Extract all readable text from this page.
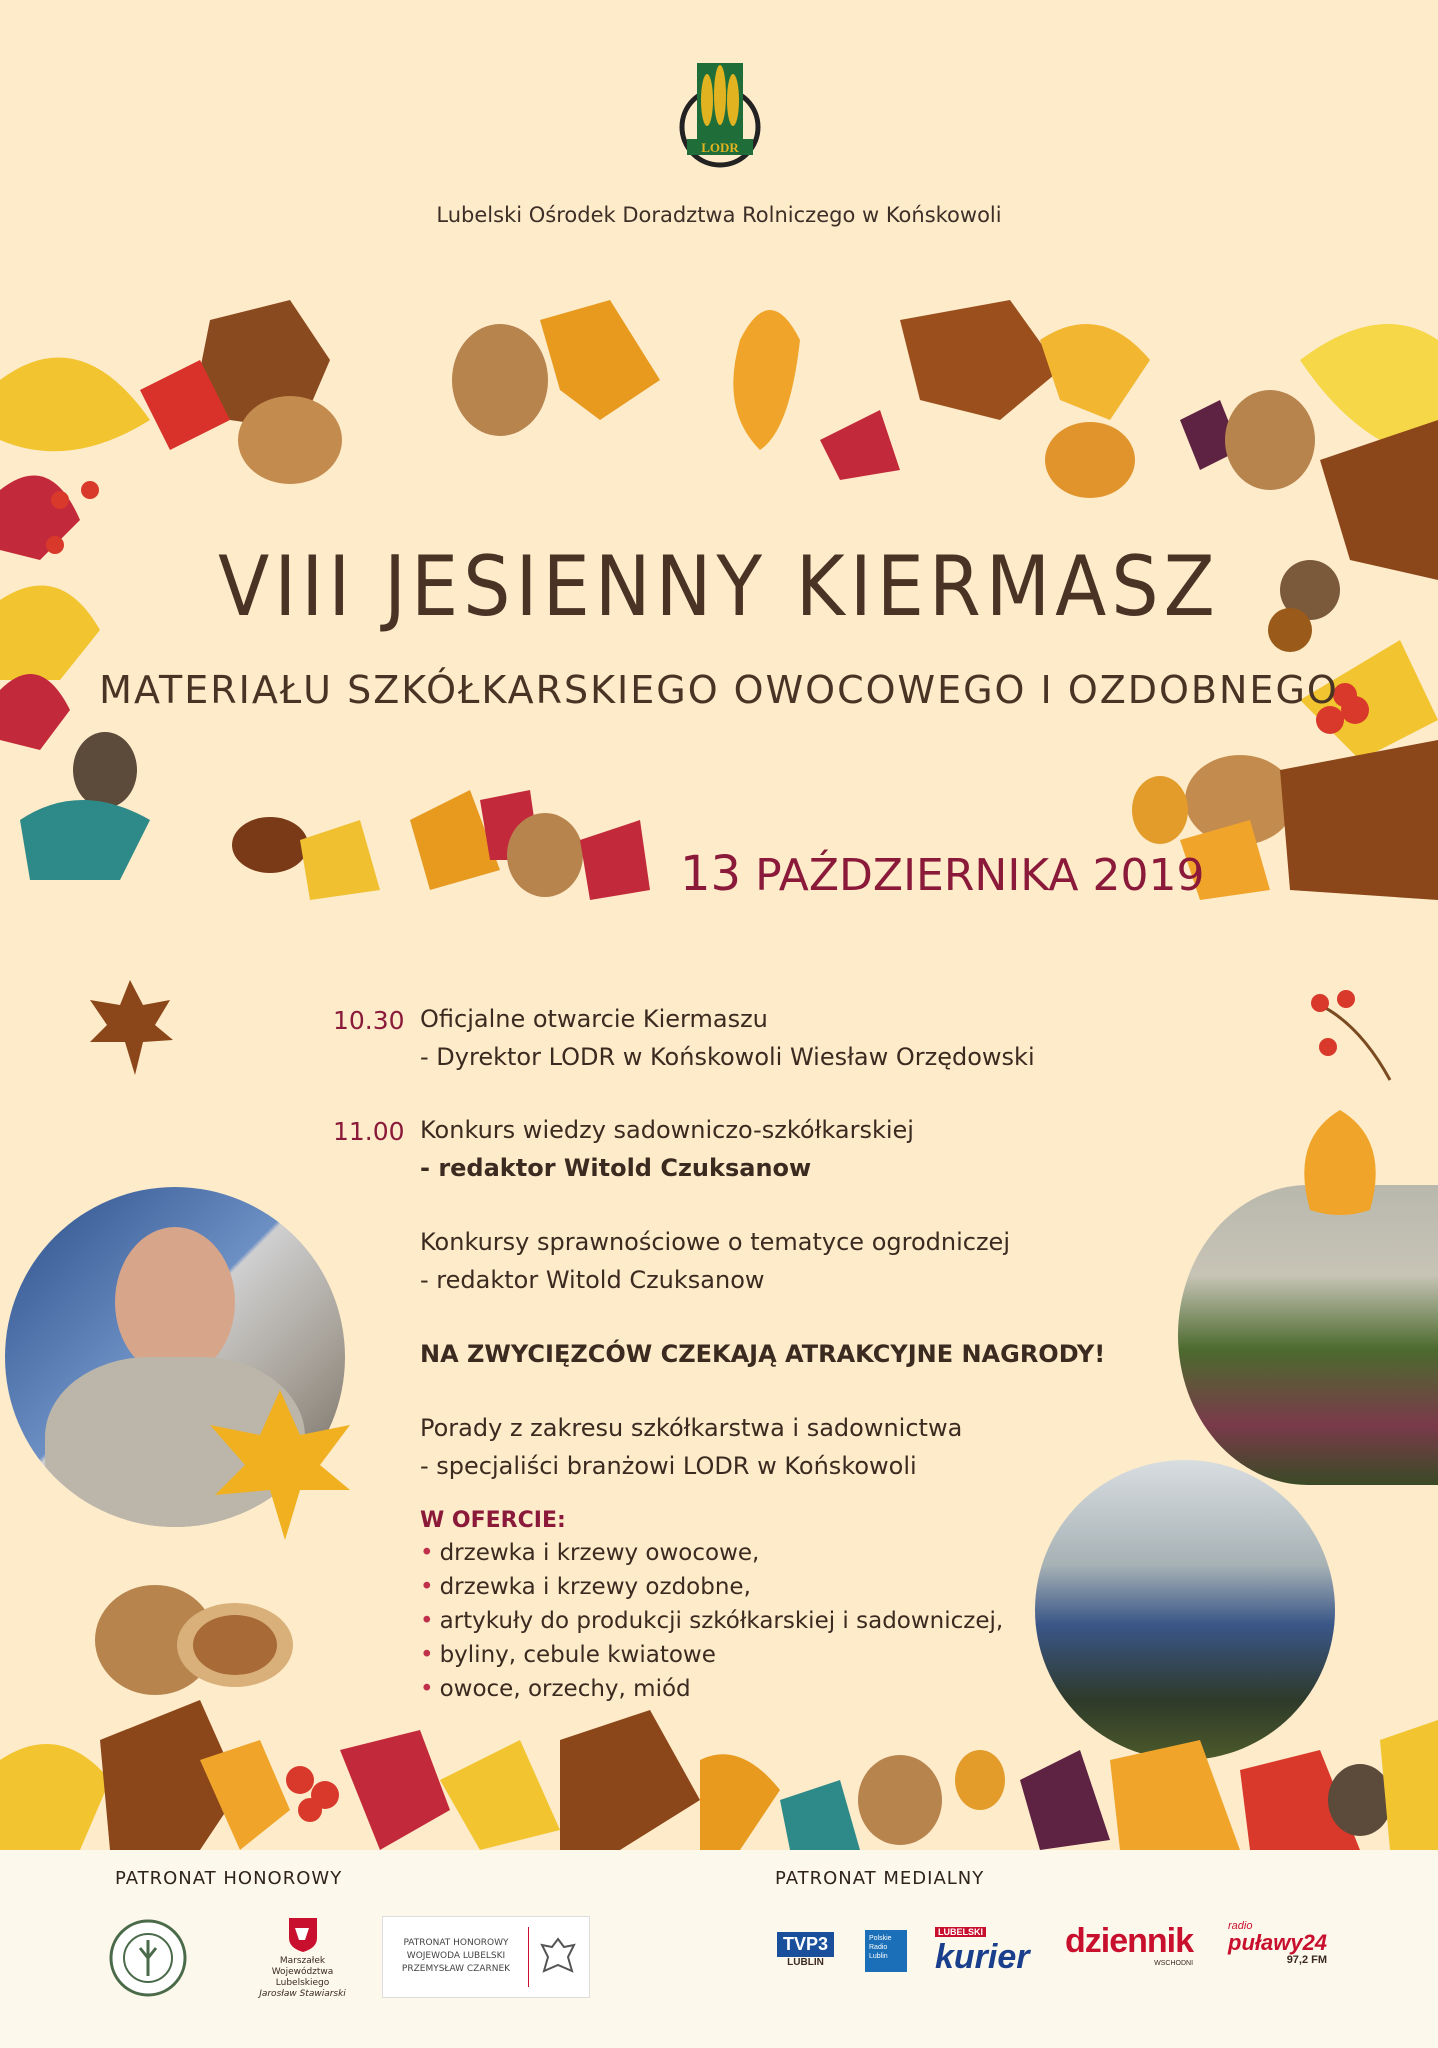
LODR
Lubelski Ośrodek Doradztwa Rolniczego w Końskowoli
VIII JESIENNY KIERMASZ
MATERIAŁU SZKÓŁKARSKIEGO OWOCOWEGO I OZDOBNEGO
13 PAŹDZIERNIKA 2019
10.30 Oficjalne otwarcie Kiermaszu
- Dyrektor LODR w Końskowoli Wiesław Orzędowski
11.00 Konkurs wiedzy sadowniczo-szkółkarskiej
- redaktor Witold Czuksanow
Konkursy sprawnościowe o tematyce ogrodniczej
- redaktor Witold Czuksanow
NA ZWYCIĘZCÓW CZEKAJĄ ATRAKCYJNE NAGRODY!
Porady z zakresu szkółkarstwa i sadownictwa
- specjaliści branżowi LODR w Końskowoli
W OFERCIE:
• drzewka i krzewy owocowe,
• drzewka i krzewy ozdobne,
• artykuły do produkcji szkółkarskiej i sadowniczej,
• byliny, cebule kwiatowe
• owoce, orzechy, miód
PATRONAT HONOROWY	PATRONAT MEDIALNY
Marszałek
Województwa Lubelskiego
Jarosław Stawiarski
PATRONAT HONOROWY
WOJEWODA LUBELSKI
PRZEMYSŁAW CZARNEK
TVP3
LUBLIN
Polskie Radio Lublin
LUBELSKI
kurier dziennik
WSCHODNI
radio
puławy24
97,2 FM
